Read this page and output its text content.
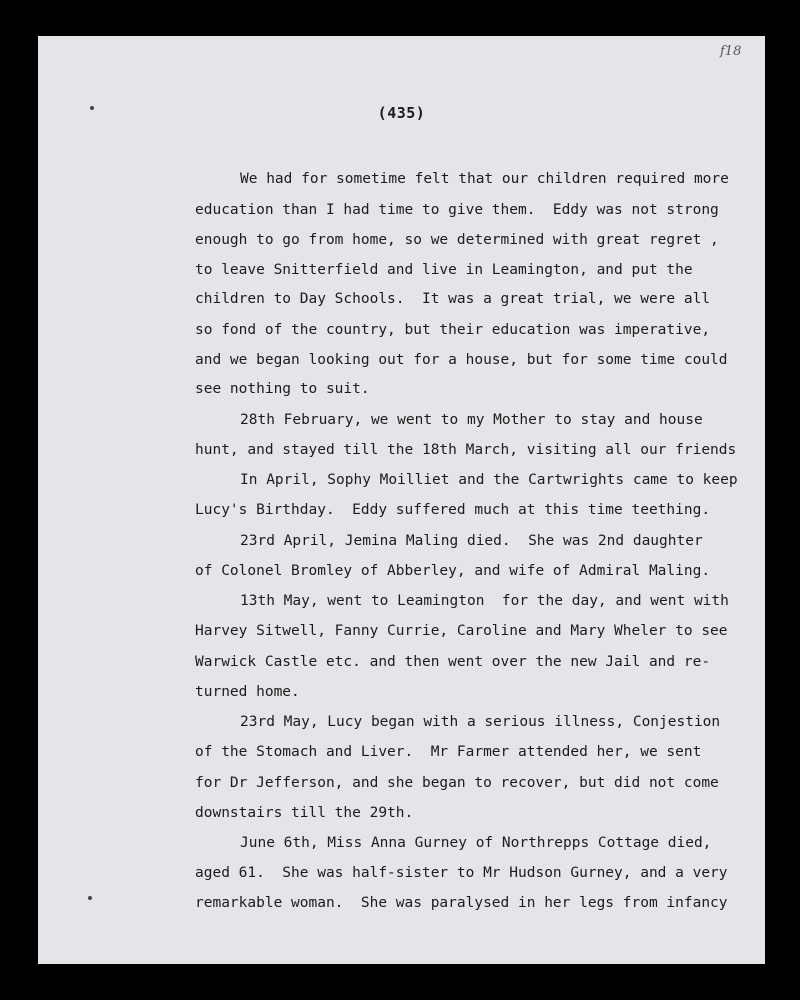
f18
(435)
We had for sometime felt that our children required more
education than I had time to give them.  Eddy was not strong
enough to go from home, so we determined with great regret ,
to leave Snitterfield and live in Leamington, and put the
children to Day Schools.  It was a great trial, we were all
so fond of the country, but their education was imperative,
and we began looking out for a house, but for some time could
see nothing to suit.
28th February, we went to my Mother to stay and house
hunt, and stayed till the 18th March, visiting all our friends
In April, Sophy Moilliet and the Cartwrights came to keep
Lucy's Birthday.  Eddy suffered much at this time teething.
23rd April, Jemina Maling died.  She was 2nd daughter
of Colonel Bromley of Abberley, and wife of Admiral Maling.
13th May, went to Leamington  for the day, and went with
Harvey Sitwell, Fanny Currie, Caroline and Mary Wheler to see
Warwick Castle etc. and then went over the new Jail and re-
turned home.
23rd May, Lucy began with a serious illness, Conjestion
of the Stomach and Liver.  Mr Farmer attended her, we sent
for Dr Jefferson, and she began to recover, but did not come
downstairs till the 29th.
June 6th, Miss Anna Gurney of Northrepps Cottage died,
aged 61.  She was half-sister to Mr Hudson Gurney, and a very
remarkable woman.  She was paralysed in her legs from infancy
